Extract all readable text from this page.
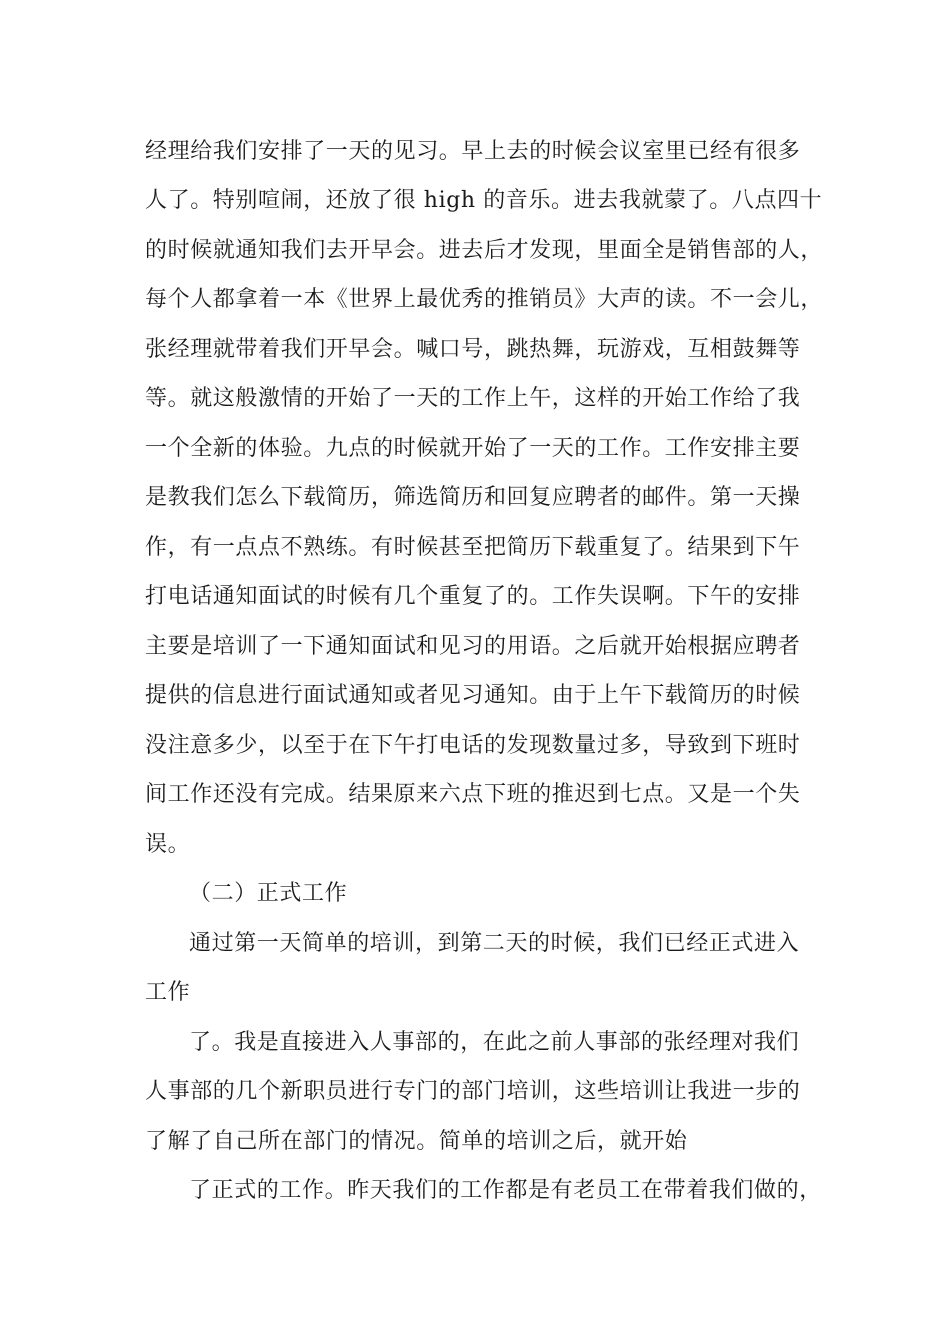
经理给我们安排了一天的见习。早上去的时候会议室里已经有很多
人了。特别喧闹，还放了很 high 的音乐。进去我就蒙了。八点四十
的时候就通知我们去开早会。进去后才发现，里面全是销售部的人，
每个人都拿着一本《世界上最优秀的推销员》大声的读。不一会儿，
张经理就带着我们开早会。喊口号，跳热舞，玩游戏，互相鼓舞等
等。就这般激情的开始了一天的工作上午，这样的开始工作给了我
一个全新的体验。九点的时候就开始了一天的工作。工作安排主要
是教我们怎么下载简历，筛选简历和回复应聘者的邮件。第一天操
作，有一点点不熟练。有时候甚至把简历下载重复了。结果到下午
打电话通知面试的时候有几个重复了的。工作失误啊。下午的安排
主要是培训了一下通知面试和见习的用语。之后就开始根据应聘者
提供的信息进行面试通知或者见习通知。由于上午下载简历的时候
没注意多少，以至于在下午打电话的发现数量过多，导致到下班时
间工作还没有完成。结果原来六点下班的推迟到七点。又是一个失
误。
（二）正式工作
通过第一天简单的培训，到第二天的时候，我们已经正式进入
工作
了。我是直接进入人事部的，在此之前人事部的张经理对我们
人事部的几个新职员进行专门的部门培训，这些培训让我进一步的
了解了自己所在部门的情况。简单的培训之后，就开始
了正式的工作。昨天我们的工作都是有老员工在带着我们做的，
